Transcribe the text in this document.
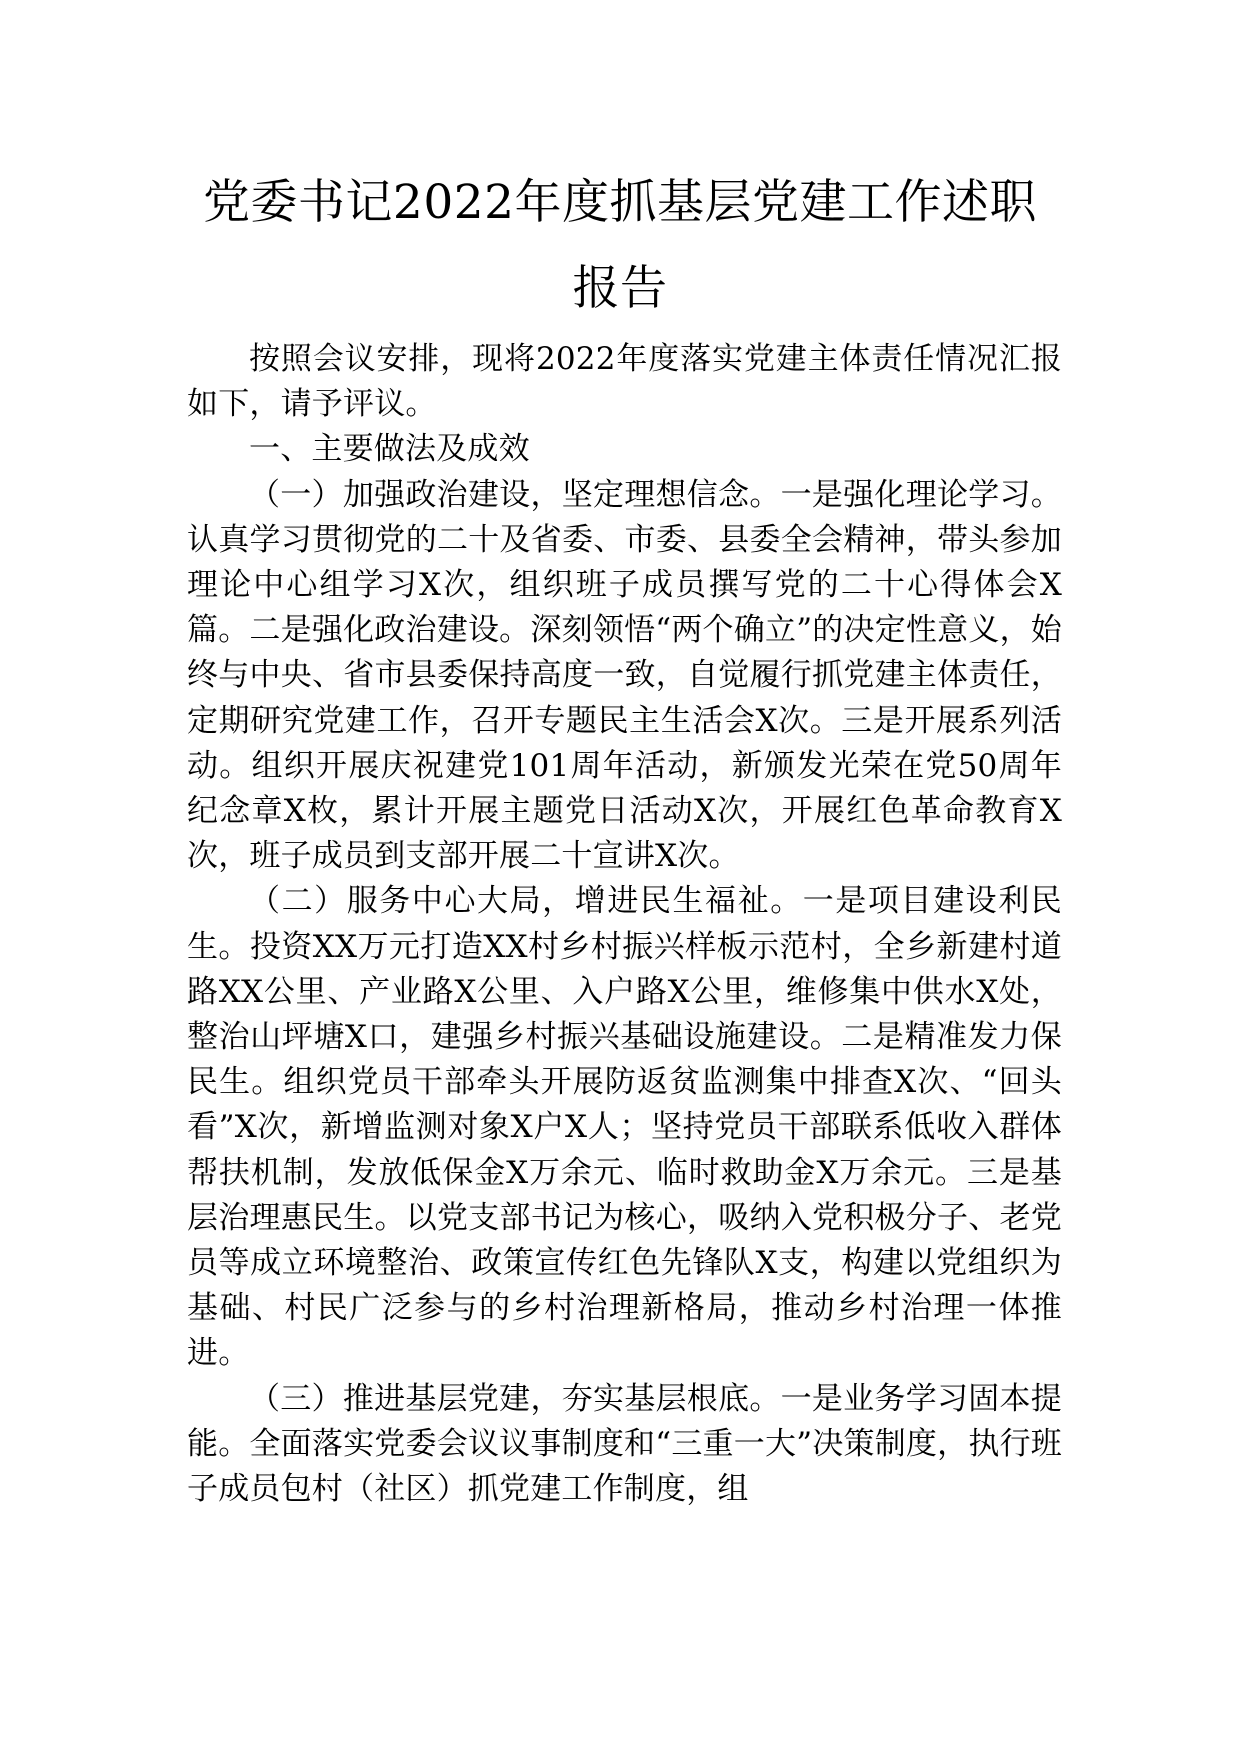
党委书记2022年度抓基层党建工作述职报告

按照会议安排，现将2022年度落实党建主体责任情况汇报如下，请予评议。

一、主要做法及成效

（一）加强政治建设，坚定理想信念。一是强化理论学习。认真学习贯彻党的二十及省委、市委、县委全会精神，带头参加理论中心组学习X次，组织班子成员撰写党的二十心得体会X篇。二是强化政治建设。深刻领悟“两个确立”的决定性意义，始终与中央、省市县委保持高度一致，自觉履行抓党建主体责任，定期研究党建工作，召开专题民主生活会X次。三是开展系列活动。组织开展庆祝建党101周年活动，新颁发光荣在党50周年纪念章X枚，累计开展主题党日活动X次，开展红色革命教育X次，班子成员到支部开展二十宣讲X次。

（二）服务中心大局，增进民生福祉。一是项目建设利民生。投资XX万元打造XX村乡村振兴样板示范村，全乡新建村道路XX公里、产业路X公里、入户路X公里，维修集中供水X处，整治山坪塘X口，建强乡村振兴基础设施建设。二是精准发力保民生。组织党员干部牵头开展防返贫监测集中排查X次、“回头看”X次，新增监测对象X户X人；坚持党员干部联系低收入群体帮扶机制，发放低保金X万余元、临时救助金X万余元。三是基层治理惠民生。以党支部书记为核心，吸纳入党积极分子、老党员等成立环境整治、政策宣传红色先锋队X支，构建以党组织为基础、村民广泛参与的乡村治理新格局，推动乡村治理一体推进。

（三）推进基层党建，夯实基层根底。一是业务学习固本提能。全面落实党委会议议事制度和“三重一大”决策制度，执行班子成员包村（社区）抓党建工作制度，组
